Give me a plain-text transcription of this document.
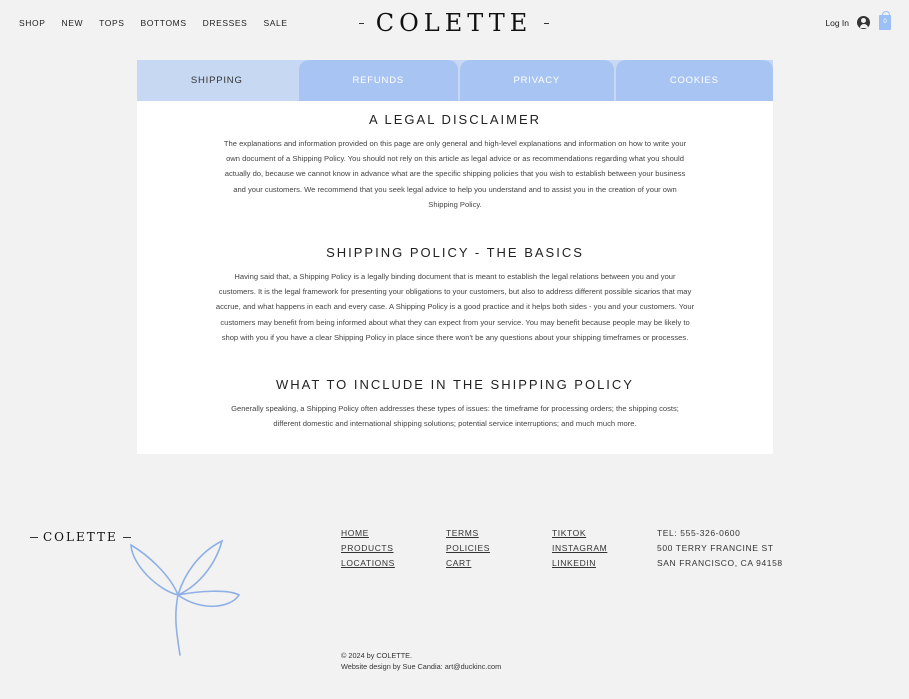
SHOP NEW TOPS BOTTOMS DRESSES SALE	COLETTE	Log In	0
SHIPPING	REFUNDS	PRIVACY	COOKIES
A LEGAL DISCLAIMER

The explanations and information provided on this page are only general and high-level explanations and information on how to write your own document of a Shipping Policy. You should not rely on this article as legal advice or as recommendations regarding what you should actually do, because we cannot know in advance what are the specific shipping policies that you wish to establish between your business and your customers. We recommend that you seek legal advice to help you understand and to assist you in the creation of your own Shipping Policy.

SHIPPING POLICY - THE BASICS

Having said that, a Shipping Policy is a legally binding document that is meant to establish the legal relations between you and your customers. It is the legal framework for presenting your obligations to your customers, but also to address different possible sicarios that may accrue, and what happens in each and every case. A Shipping Policy is a good practice and it helps both sides - you and your customers. Your customers may benefit from being informed about what they can expect from your service. You may benefit because people may be likely to shop with you if you have a clear Shipping Policy in place since there won't be any questions about your shipping timeframes or processes.

WHAT TO INCLUDE IN THE SHIPPING POLICY

Generally speaking, a Shipping Policy often addresses these types of issues: the timeframe for processing orders; the shipping costs; different domestic and international shipping solutions; potential service interruptions; and much much more.

COLETTE	HOME
PRODUCTS
LOCATIONS
TERMS
POLICIES
CART
TIKTOK
INSTAGRAM
LINKEDIN
TEL: 555-326-0600
500 TERRY FRANCINE ST
SAN FRANCISCO, CA 94158
© 2024 by COLETTE.
Website design by Sue Candia: art@duckinc.com
